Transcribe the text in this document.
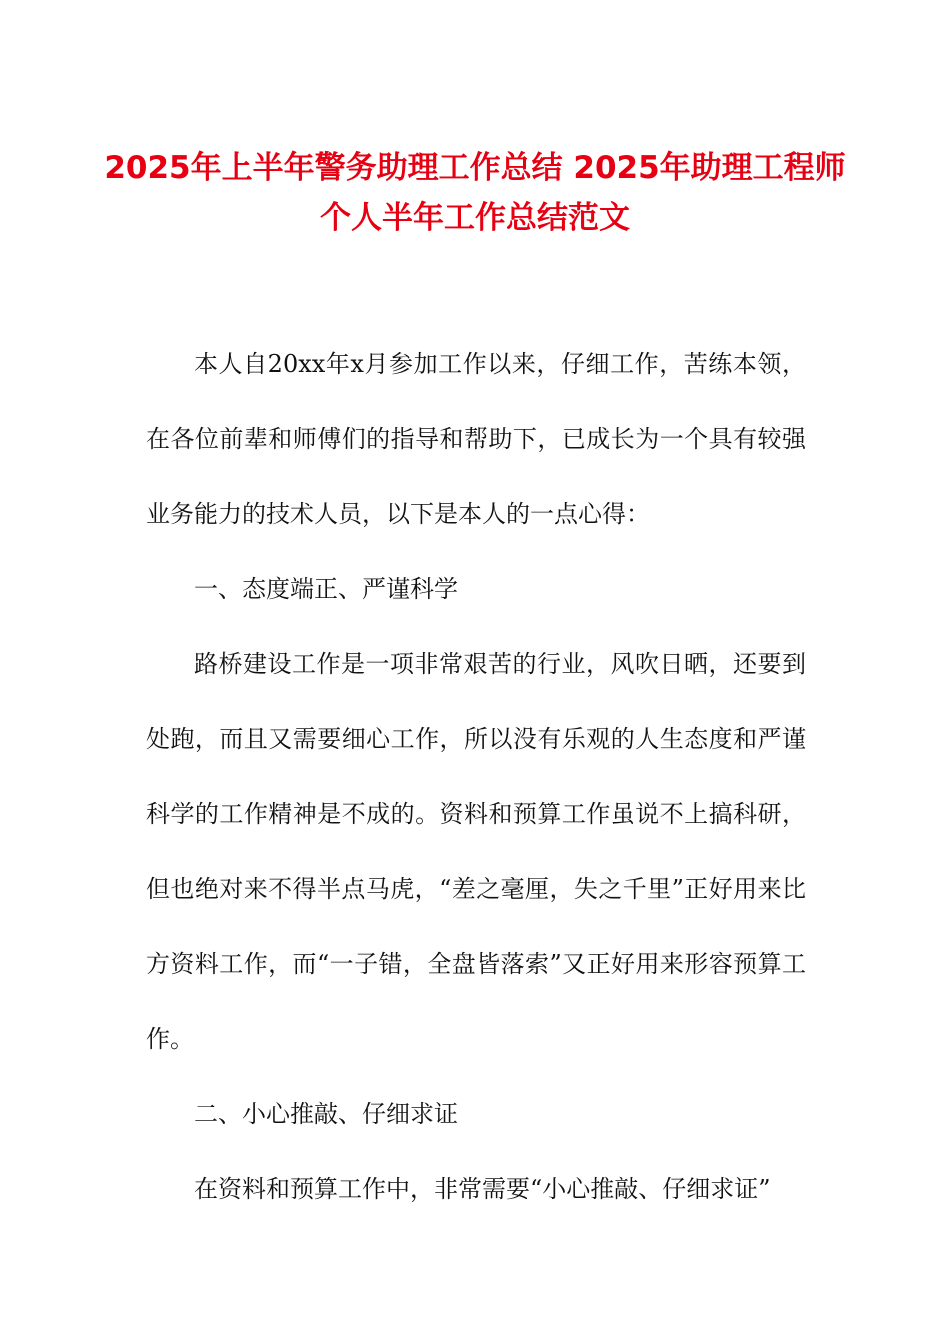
2025年上半年警务助理工作总结 2025年助理工程师个人半年工作总结范文

本人自20xx年x月参加工作以来，仔细工作，苦练本领，在各位前辈和师傅们的指导和帮助下，已成长为一个具有较强业务能力的技术人员，以下是本人的一点心得：

一、态度端正、严谨科学

路桥建设工作是一项非常艰苦的行业，风吹日晒，还要到处跑，而且又需要细心工作，所以没有乐观的人生态度和严谨科学的工作精神是不成的。资料和预算工作虽说不上搞科研，但也绝对来不得半点马虎，“差之毫厘，失之千里”正好用来比方资料工作，而“一子错，全盘皆落索”又正好用来形容预算工作。

二、小心推敲、仔细求证

在资料和预算工作中，非常需要“小心推敲、仔细求证”
